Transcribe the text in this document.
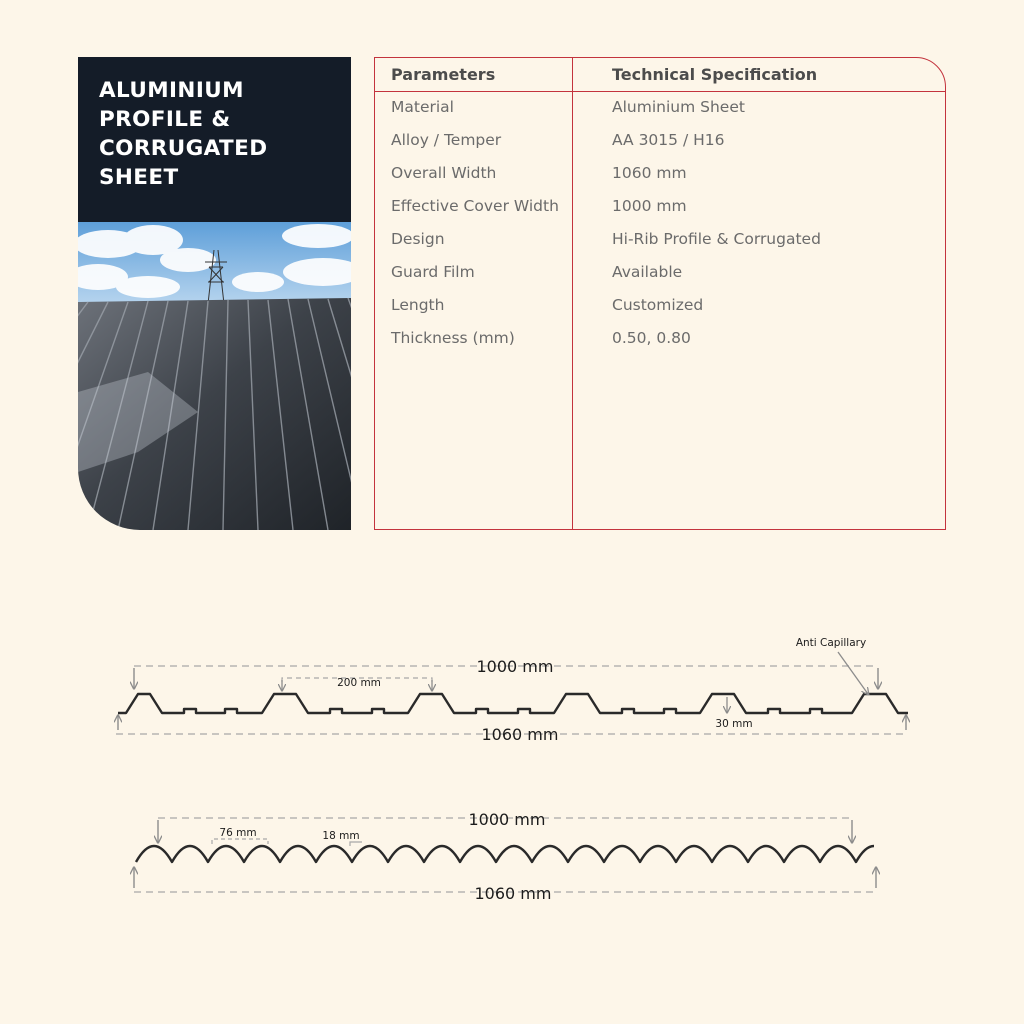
ALUMINIUM
PROFILE &
CORRUGATED
SHEET
Parameters	Technical Specification
Material	Aluminium Sheet
Alloy / Temper	AA 3015 / H16
Overall Width	1060 mm
Effective Cover Width	1000 mm
Design	Hi-Rib Profile & Corrugated
Guard Film	Available
Length	Customized
Thickness (mm)	0.50, 0.80
1000 mm
1060 mm
200 mm
30 mm
Anti Capillary
1000 mm
1060 mm
76 mm	18 mm
